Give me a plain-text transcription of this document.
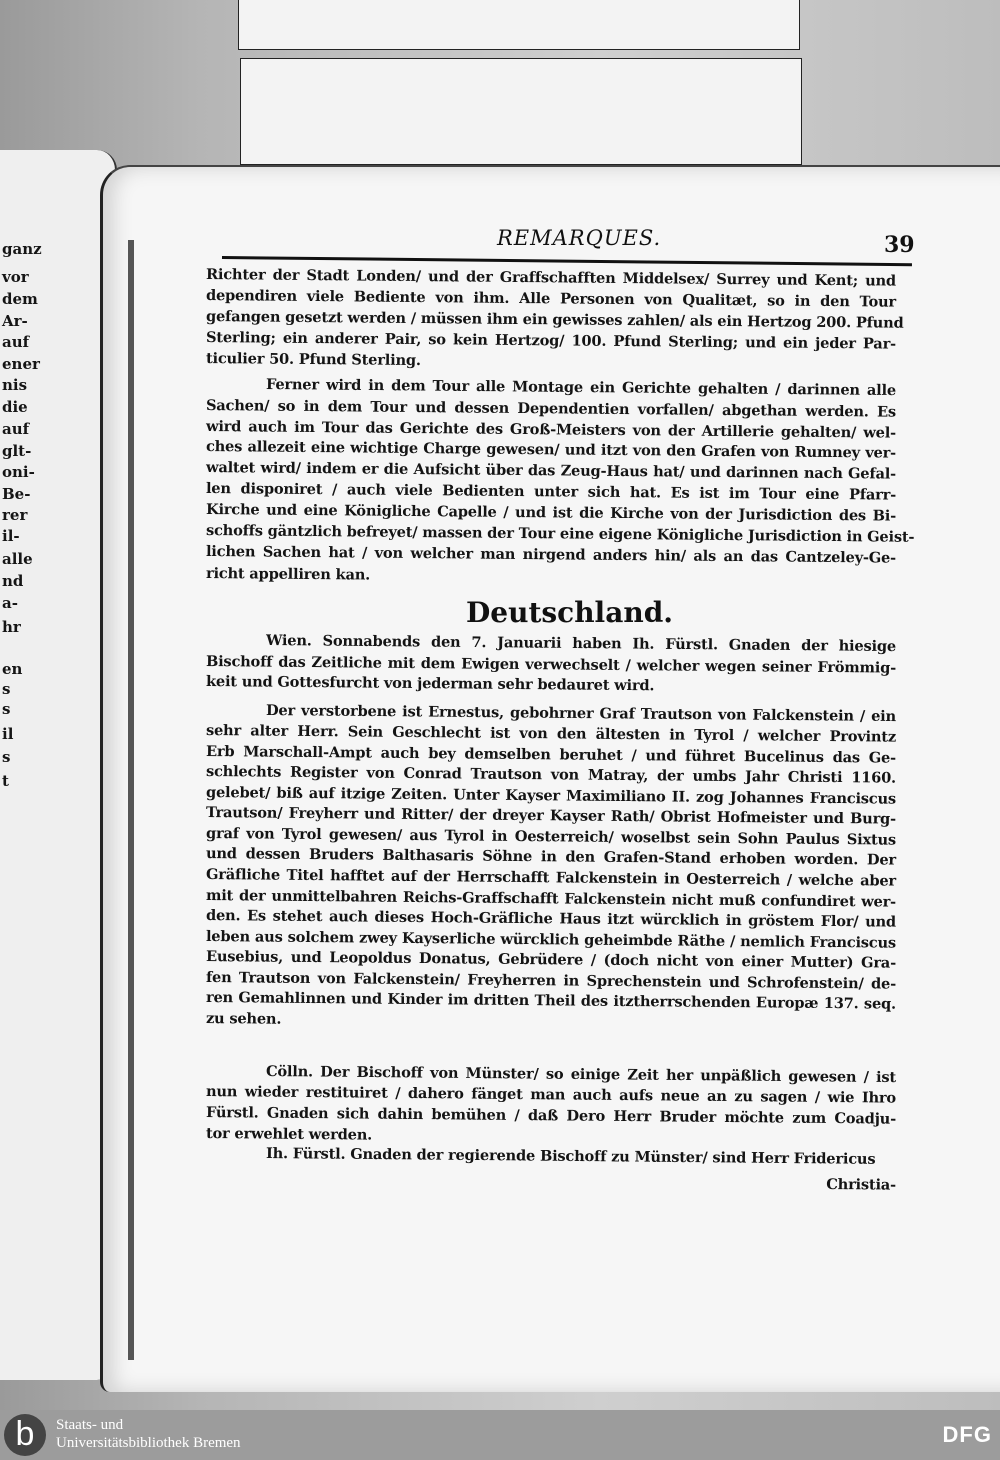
ganz
vor
dem
Ar-
auf
ener
nis
die
auf
glt-
oni-
Be-
rer
il-
alle
nd
a-
hr
en
s
s
il
s
t
REMARQUES.	39
Richter der Stadt Londen/ und der Graffschafften Middelsex/ Surrey und Kent; und
dependiren viele Bediente von ihm. Alle Personen von Qualitæt, so in den Tour
gefangen gesetzt werden / müssen ihm ein gewisses zahlen/ als ein Hertzog 200. Pfund
Sterling; ein anderer Pair, so kein Hertzog/ 100. Pfund Sterling; und ein jeder Par-
ticulier 50. Pfund Sterling.
Ferner wird in dem Tour alle Montage ein Gerichte gehalten / darinnen alle
Sachen/ so in dem Tour und dessen Dependentien vorfallen/ abgethan werden. Es
wird auch im Tour das Gerichte des Groß-Meisters von der Artillerie gehalten/ wel-
ches allezeit eine wichtige Charge gewesen/ und itzt von den Grafen von Rumney ver-
waltet wird/ indem er die Aufsicht über das Zeug-Haus hat/ und darinnen nach Gefal-
len disponiret / auch viele Bedienten unter sich hat. Es ist im Tour eine Pfarr-
Kirche und eine Königliche Capelle / und ist die Kirche von der Jurisdiction des Bi-
schoffs gäntzlich befreyet/ massen der Tour eine eigene Königliche Jurisdiction in Geist-
lichen Sachen hat / von welcher man nirgend anders hin/ als an das Cantzeley-Ge-
richt appelliren kan.
Deutschland.
Wien. Sonnabends den 7. Januarii haben Ih. Fürstl. Gnaden der hiesige
Bischoff das Zeitliche mit dem Ewigen verwechselt / welcher wegen seiner Frömmig-
keit und Gottesfurcht von jederman sehr bedauret wird.
Der verstorbene ist Ernestus, gebohrner Graf Trautson von Falckenstein / ein
sehr alter Herr. Sein Geschlecht ist von den ältesten in Tyrol / welcher Provintz
Erb Marschall-Ampt auch bey demselben beruhet / und führet Bucelinus das Ge-
schlechts Register von Conrad Trautson von Matray, der umbs Jahr Christi 1160.
gelebet/ biß auf itzige Zeiten. Unter Kayser Maximiliano II. zog Johannes Franciscus
Trautson/ Freyherr und Ritter/ der dreyer Kayser Rath/ Obrist Hofmeister und Burg-
graf von Tyrol gewesen/ aus Tyrol in Oesterreich/ woselbst sein Sohn Paulus Sixtus
und dessen Bruders Balthasaris Söhne in den Grafen-Stand erhoben worden. Der
Gräfliche Titel hafftet auf der Herrschafft Falckenstein in Oesterreich / welche aber
mit der unmittelbahren Reichs-Graffschafft Falckenstein nicht muß confundiret wer-
den. Es stehet auch dieses Hoch-Gräfliche Haus itzt würcklich in gröstem Flor/ und
leben aus solchem zwey Kayserliche würcklich geheimbde Räthe / nemlich Franciscus
Eusebius, und Leopoldus Donatus, Gebrüdere / (doch nicht von einer Mutter) Gra-
fen Trautson von Falckenstein/ Freyherren in Sprechenstein und Schrofenstein/ de-
ren Gemahlinnen und Kinder im dritten Theil des itztherrschenden Europæ 137. seq.
zu sehen.
Cölln. Der Bischoff von Münster/ so einige Zeit her unpäßlich gewesen / ist
nun wieder restituiret / dahero fänget man auch aufs neue an zu sagen / wie Ihro
Fürstl. Gnaden sich dahin bemühen / daß Dero Herr Bruder möchte zum Coadju-
tor erwehlet werden.
Ih. Fürstl. Gnaden der regierende Bischoff zu Münster/ sind Herr Fridericus
Christia-
b	Staats- und
Universitätsbibliothek Bremen	DFG
